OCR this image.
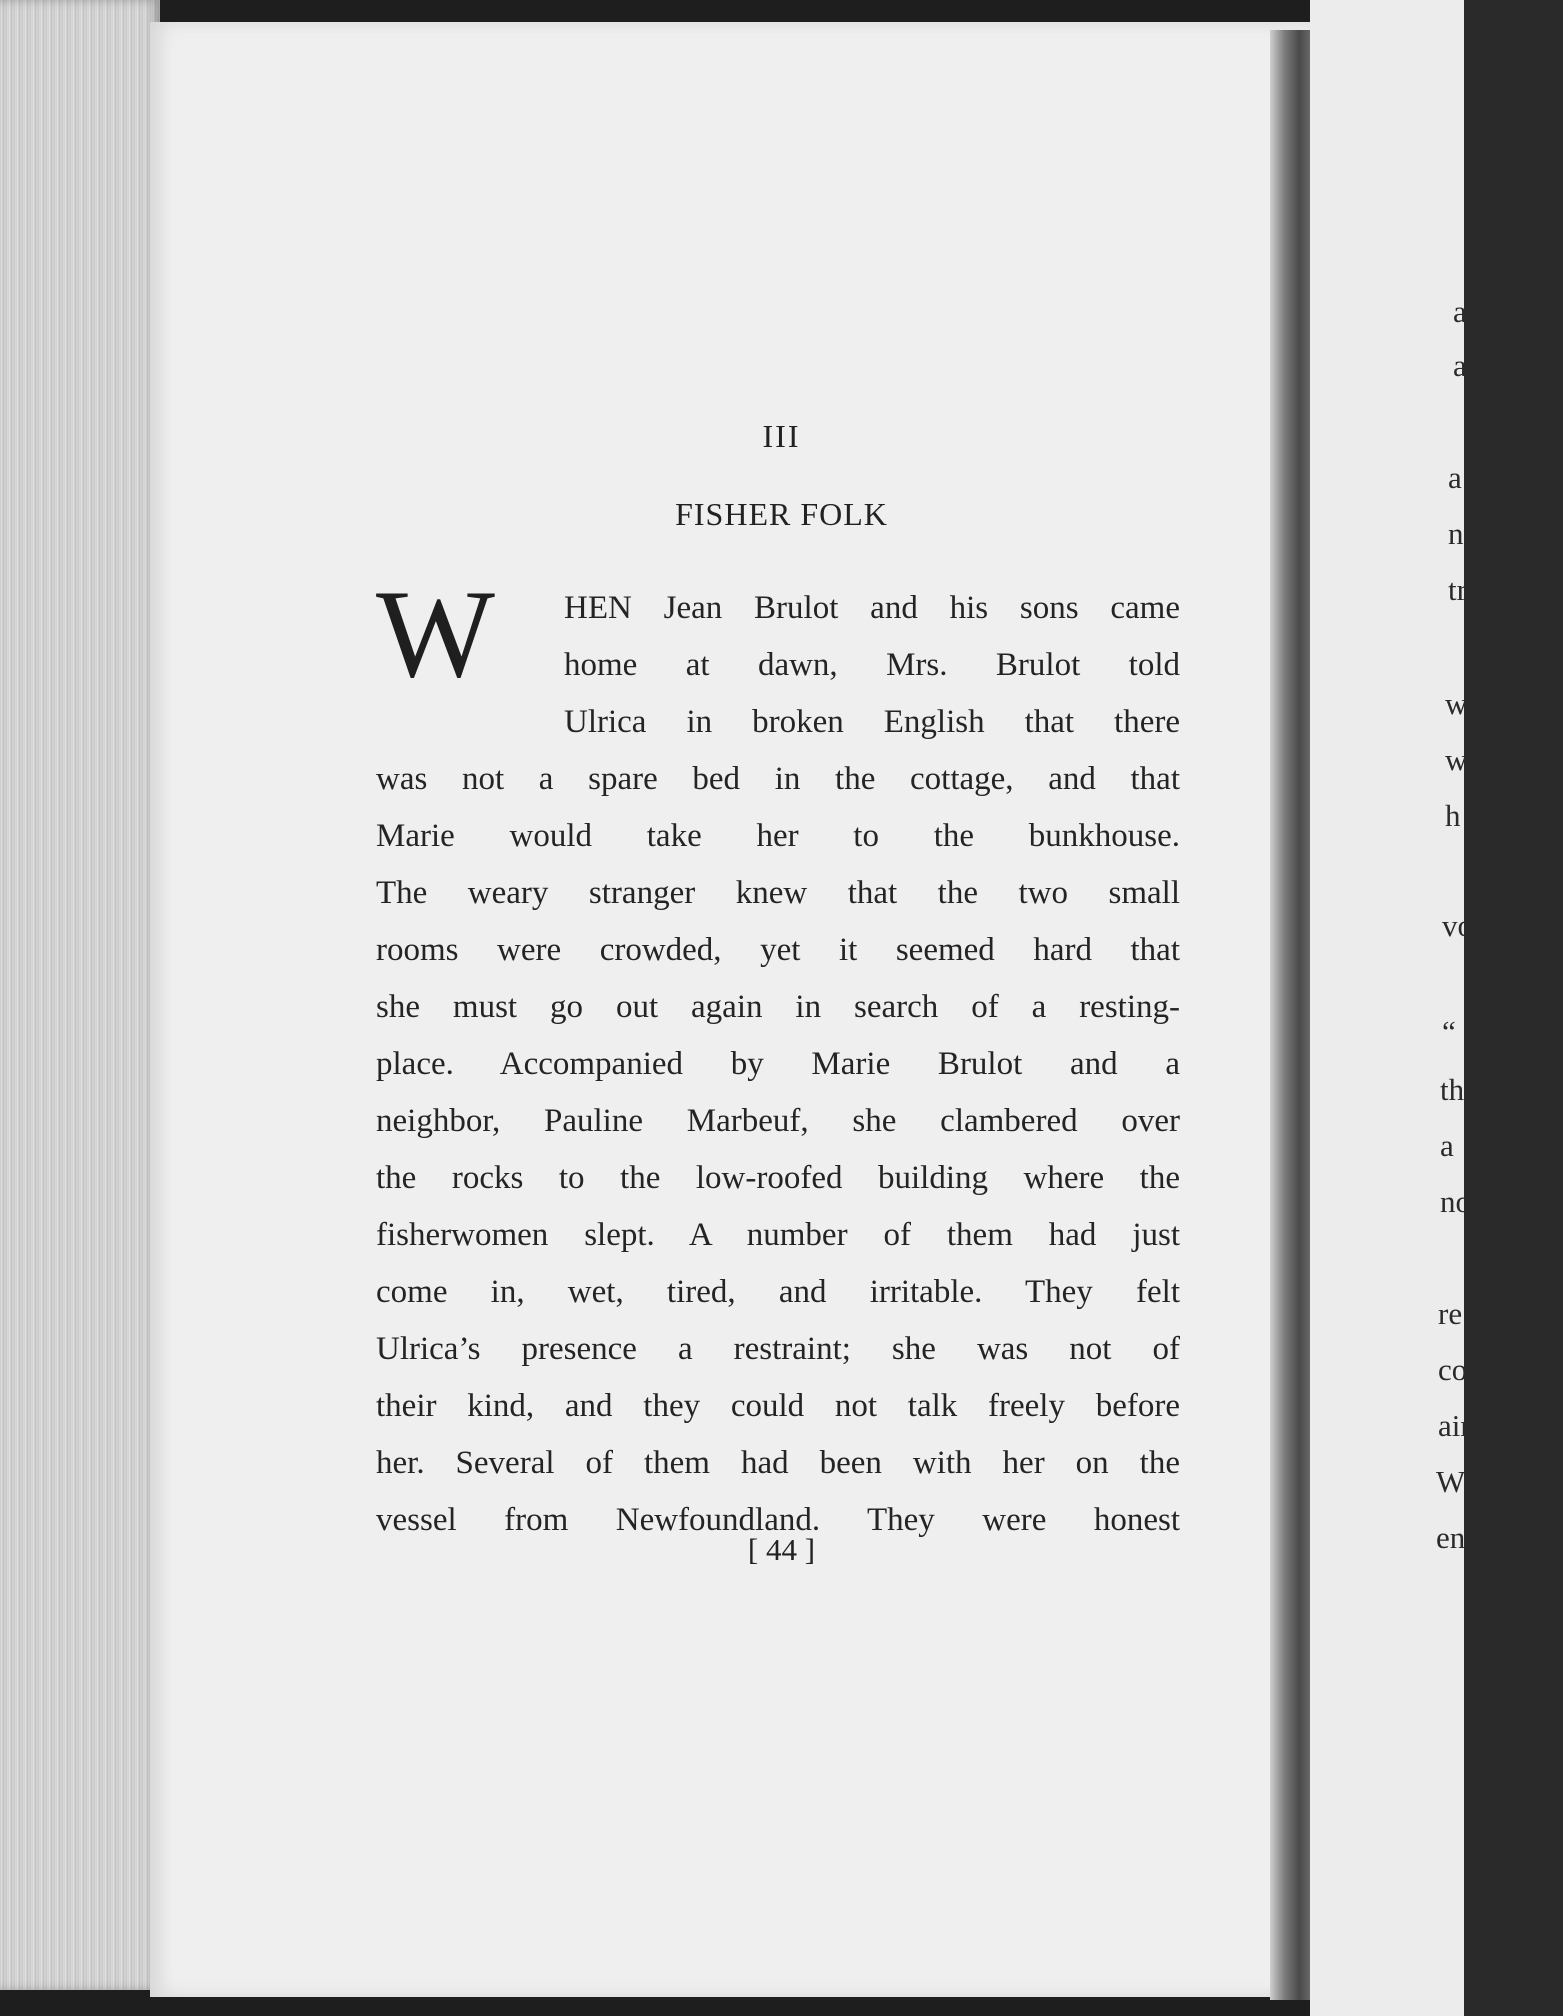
III
FISHER FOLK
W	HEN Jean Brulot and his sons came
home at dawn, Mrs. Brulot told
Ulrica in broken English that there
was not a spare bed in the cottage, and that
Marie would take her to the bunkhouse.
The weary stranger knew that the two small
rooms were crowded, yet it seemed hard that
she must go out again in search of a resting-
place. Accompanied by Marie Brulot and a
neighbor, Pauline Marbeuf, she clambered over
the rocks to the low-roofed building where the
fisherwomen slept. A number of them had just
come in, wet, tired, and irritable. They felt
Ulrica’s presence a restraint; she was not of
their kind, and they could not talk freely before
her. Several of them had been with her on the
vessel from Newfoundland. They were honest
[ 44 ]
a
a
a
n
tr
w
w
h
vo
“
th
a
no
re
co
air
Wl
enc
